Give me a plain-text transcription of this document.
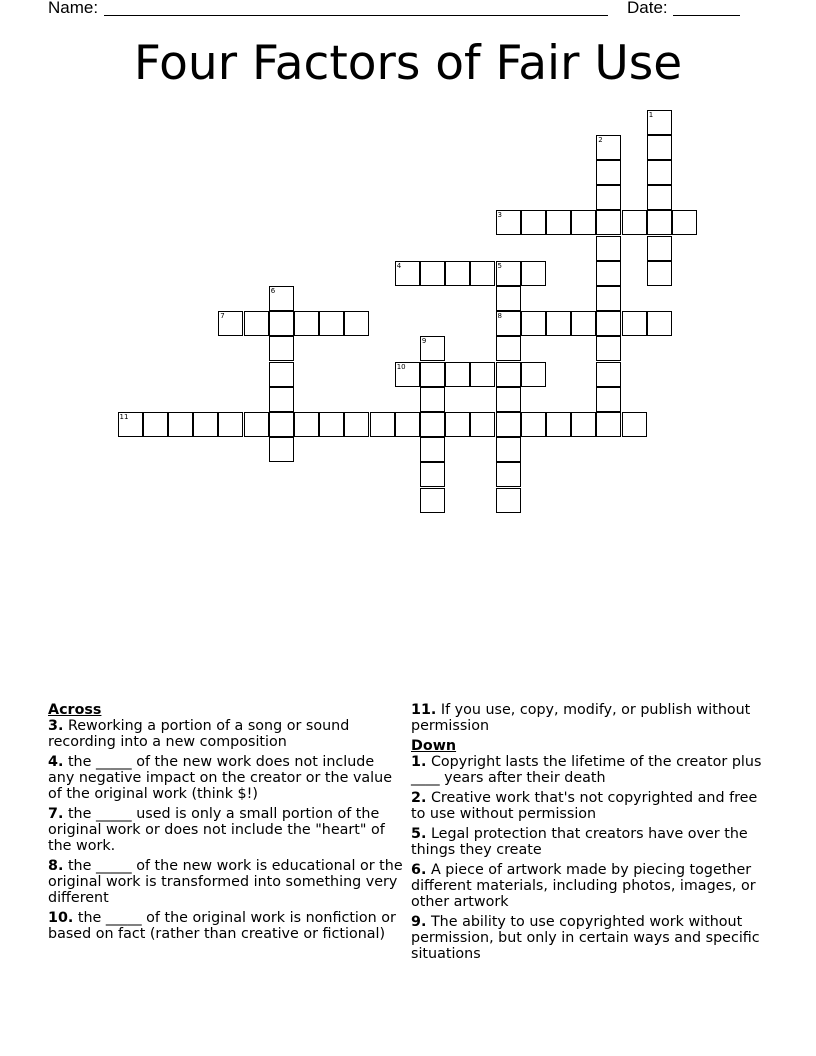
Name:	Date:
Four Factors of Fair Use
1
2
3
4	5
8
6
7
9
10
11

Across

3. Reworking a portion of a song or sound recording into a new composition

4. the _____ of the new work does not include any negative impact on the creator or the value of the original work (think $!)

7. the _____ used is only a small portion of the original work or does not include the "heart" of the work.

8. the _____ of the new work is educational or the original work is transformed into something very different

10. the _____ of the original work is nonfiction or based on fact (rather than creative or fictional)

11. If you use, copy, modify, or publish without permission

Down

1. Copyright lasts the lifetime of the creator plus ____ years after their death

2. Creative work that's not copyrighted and free to use without permission

5. Legal protection that creators have over the things they create

6. A piece of artwork made by piecing together different materials, including photos, images, or other artwork

9. The ability to use copyrighted work without permission, but only in certain ways and specific situations
